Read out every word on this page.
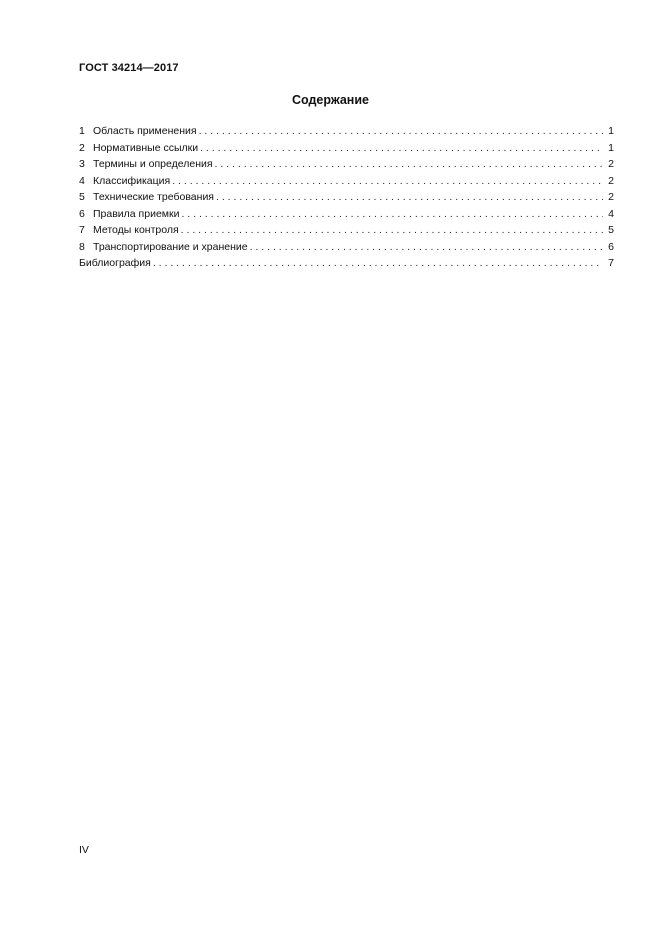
ГОСТ 34214—2017
Содержание
1 Область применения . . .	1
2 Нормативные ссылки . . .	1
3 Термины и определения . . .	2
4 Классификация . . .	2
5 Технические требования . . .	2
6 Правила приемки . . .	4
7 Методы контроля . . .	5
8 Транспортирование и хранение . . .	6
Библиография . . .	7
IV
